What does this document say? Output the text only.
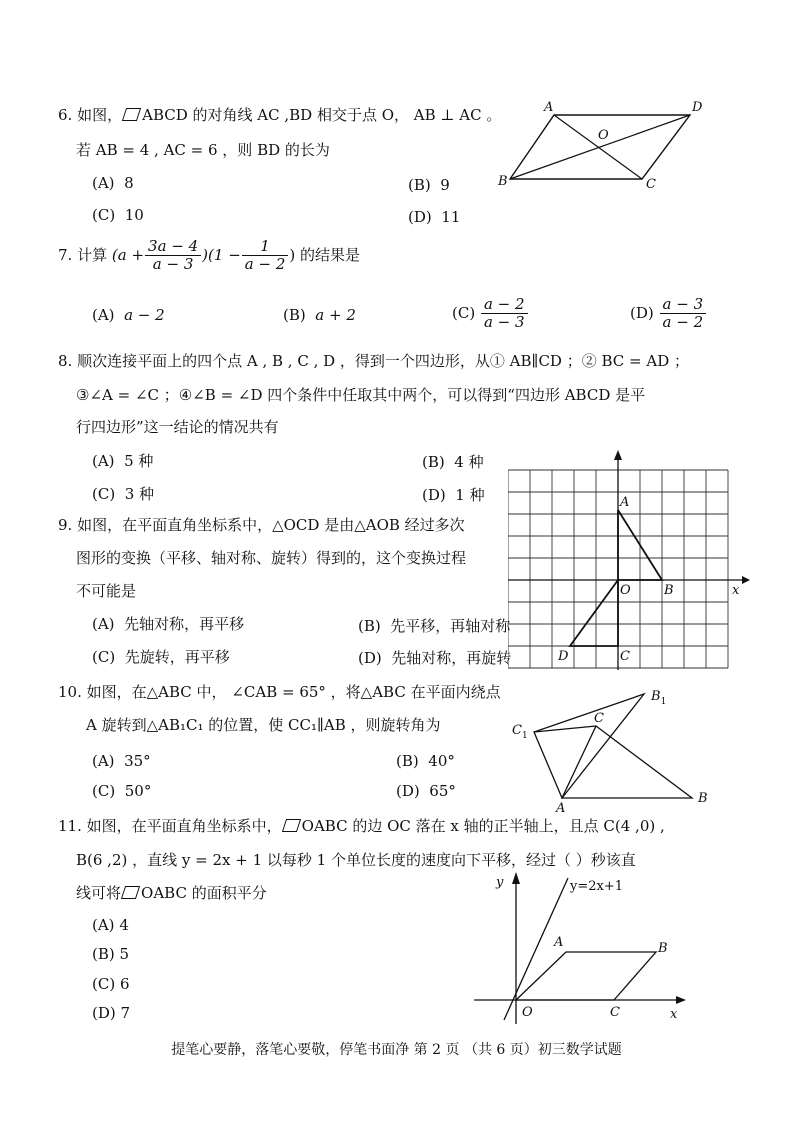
6. 如图， ABCD 的对角线 AC ,BD 相交于点 O， AB ⊥ AC 。
若 AB = 4 , AC = 6 ，则 BD 的长为
(A) 8	(B) 9
(C) 10	(D) 11
A	D
B	C
O
7. 计算 $(a + \frac{3a - 4}{a - 3} )(1 - \frac{1}{a - 2}$ ) 的结果是
(A) a − 2	(B) a + 2	$(C) \frac{a - 2}{a - 3}$	$(D) \frac{a - 3}{a - 2}$
8. 顺次连接平面上的四个点 A , B , C , D ，得到一个四边形，从① AB∥CD ；② BC = AD ；
③∠A = ∠C ；④∠B = ∠D 四个条件中任取其中两个，可以得到“四边形 ABCD 是平
行四边形”这一结论的情况共有
(A) 5 种	(B) 4 种
(C) 3 种	(D) 1 种
9. 如图，在平面直角坐标系中，△OCD 是由△AOB 经过多次
图形的变换（平移、轴对称、旋转）得到的，这个变换过程
不可能是
(A) 先轴对称，再平移	(B) 先平移，再轴对称
(C) 先旋转，再平移	(D) 先轴对称，再旋转
A
O	B
C
D
x
10. 如图，在△ABC 中， ∠CAB = 65° ，将△ABC 在平面内绕点
A 旋转到△AB₁C₁ 的位置，使 CC₁∥AB ，则旋转角为
(A) 35°	(B) 40°
(C) 50°	(D) 65°
A
B
C
$B_1$
$C_1$
11. 如图，在平面直角坐标系中， OABC 的边 OC 落在 x 轴的正半轴上，且点 C(4 ,0) ,
B(6 ,2) ，直线 y = 2x + 1 以每秒 1 个单位长度的速度向下平移，经过（ ）秒该直
线可将 OABC 的面积平分
(A) 4
(B) 5
(C) 6
(D) 7
y	y=2x+1
A	B
C
O	x
提笔心要静，落笔心要敬，停笔书面净 第 2 页 （共 6 页）初三数学试题
